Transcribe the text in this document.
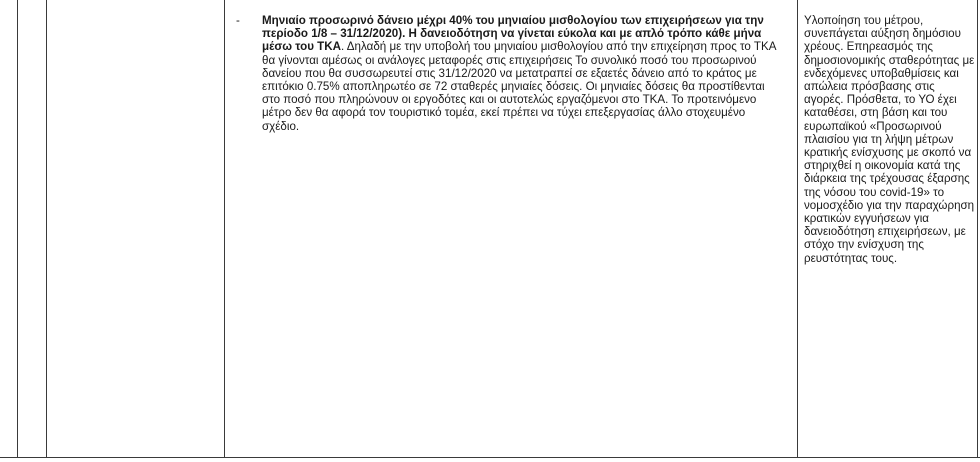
-	Μηνιαίο προσωρινό δάνειο μέχρι 40% του μηνιαίου μισθολογίου των επιχειρήσεων για την περίοδο 1/8 – 31/12/2020). Η δανειοδότηση να γίνεται εύκολα και με απλό τρόπο κάθε μήνα μέσω του ΤΚΑ. Δηλαδή με την υποβολή του μηνιαίου μισθολογίου από την επιχείρηση προς το ΤΚΑ θα γίνονται αμέσως οι ανάλογες μεταφορές στις επιχειρήσεις Το συνολικό ποσό του προσωρινού δανείου που θα συσσωρευτεί στις 31/12/2020 να μετατραπεί σε εξαετές δάνειο από το κράτος με επιτόκιο 0.75% αποπληρωτέο σε 72 σταθερές μηνιαίες δόσεις. Οι μηνιαίες δόσεις θα προστίθενται στο ποσό που πληρώνουν οι εργοδότες και οι αυτοτελώς εργαζόμενοι στο ΤΚΑ. Το προτεινόμενο μέτρο δεν θα αφορά τον τουριστικό τομέα, εκεί πρέπει να τύχει επεξεργασίας άλλο στοχευμένο σχέδιο.
Υλοποίηση του μέτρου, συνεπάγεται αύξηση δημόσιου χρέους. Επηρεασμός της δημοσιονομικής σταθερότητας με ενδεχόμενες υποβαθμίσεις και απώλεια πρόσβασης στις αγορές. Πρόσθετα, το ΥΟ έχει καταθέσει, στη βάση και του ευρωπαϊκού «Προσωρινού πλαισίου για τη λήψη μέτρων κρατικής ενίσχυσης με σκοπό να στηριχθεί η οικονομία κατά της διάρκεια της τρέχουσας έξαρσης της νόσου του covid-19» το νομοσχέδιο για την παραχώρηση κρατικών εγγυήσεων για δανειοδότηση επιχειρήσεων, με στόχο την ενίσχυση της ρευστότητας τους.
